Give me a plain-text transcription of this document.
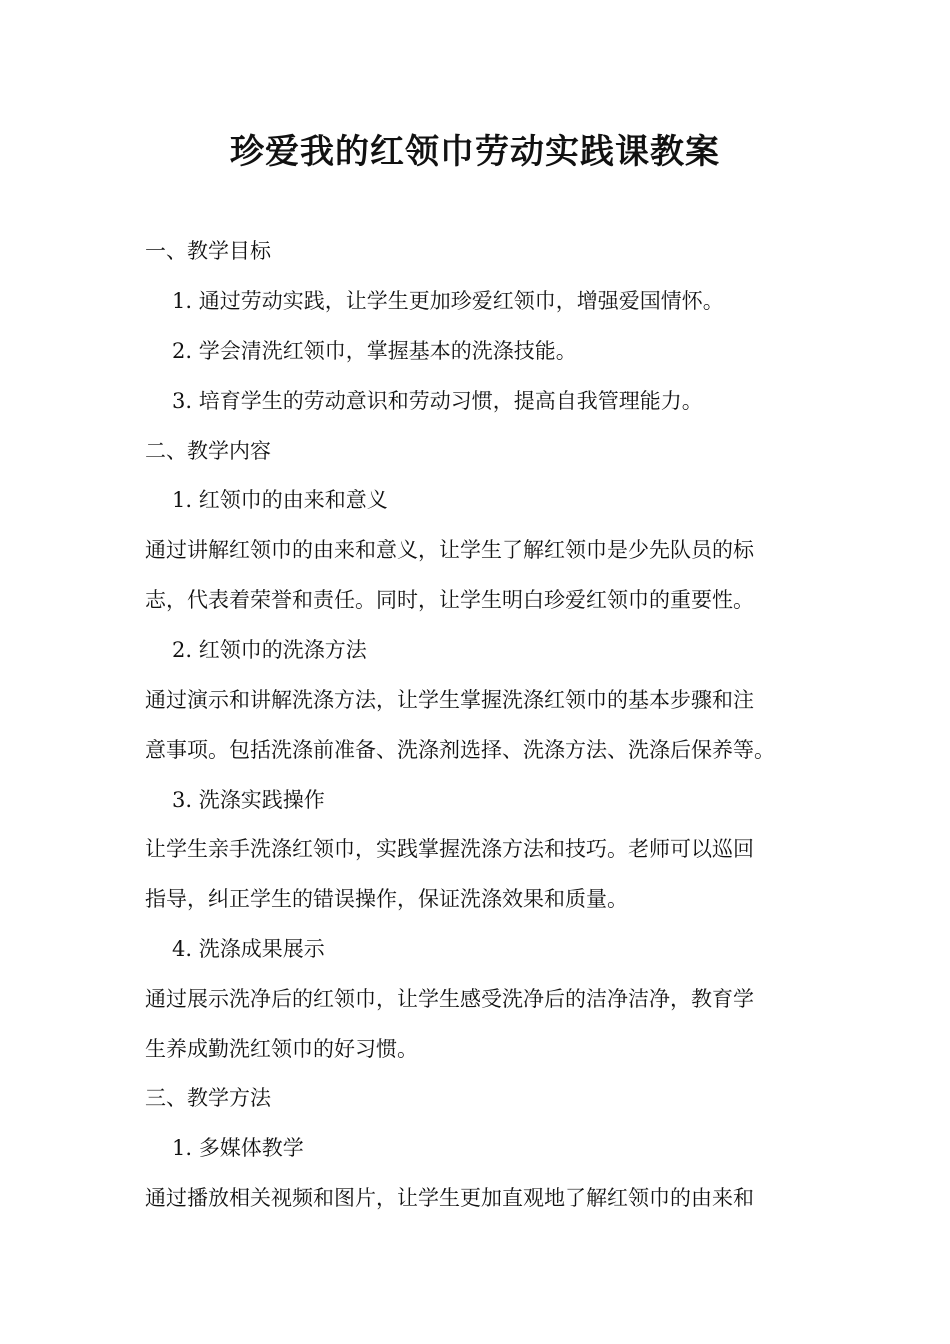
珍爱我的红领巾劳动实践课教案
一、教学目标
1. 通过劳动实践，让学生更加珍爱红领巾，增强爱国情怀。
2. 学会清洗红领巾，掌握基本的洗涤技能。
3. 培育学生的劳动意识和劳动习惯，提高自我管理能力。
二、教学内容
1. 红领巾的由来和意义
通过讲解红领巾的由来和意义，让学生了解红领巾是少先队员的标
志，代表着荣誉和责任。同时，让学生明白珍爱红领巾的重要性。
2. 红领巾的洗涤方法
通过演示和讲解洗涤方法，让学生掌握洗涤红领巾的基本步骤和注
意事项。包括洗涤前准备、洗涤剂选择、洗涤方法、洗涤后保养等。
3. 洗涤实践操作
让学生亲手洗涤红领巾，实践掌握洗涤方法和技巧。老师可以巡回
指导，纠正学生的错误操作，保证洗涤效果和质量。
4. 洗涤成果展示
通过展示洗净后的红领巾，让学生感受洗净后的洁净洁净，教育学
生养成勤洗红领巾的好习惯。
三、教学方法
1. 多媒体教学
通过播放相关视频和图片，让学生更加直观地了解红领巾的由来和
